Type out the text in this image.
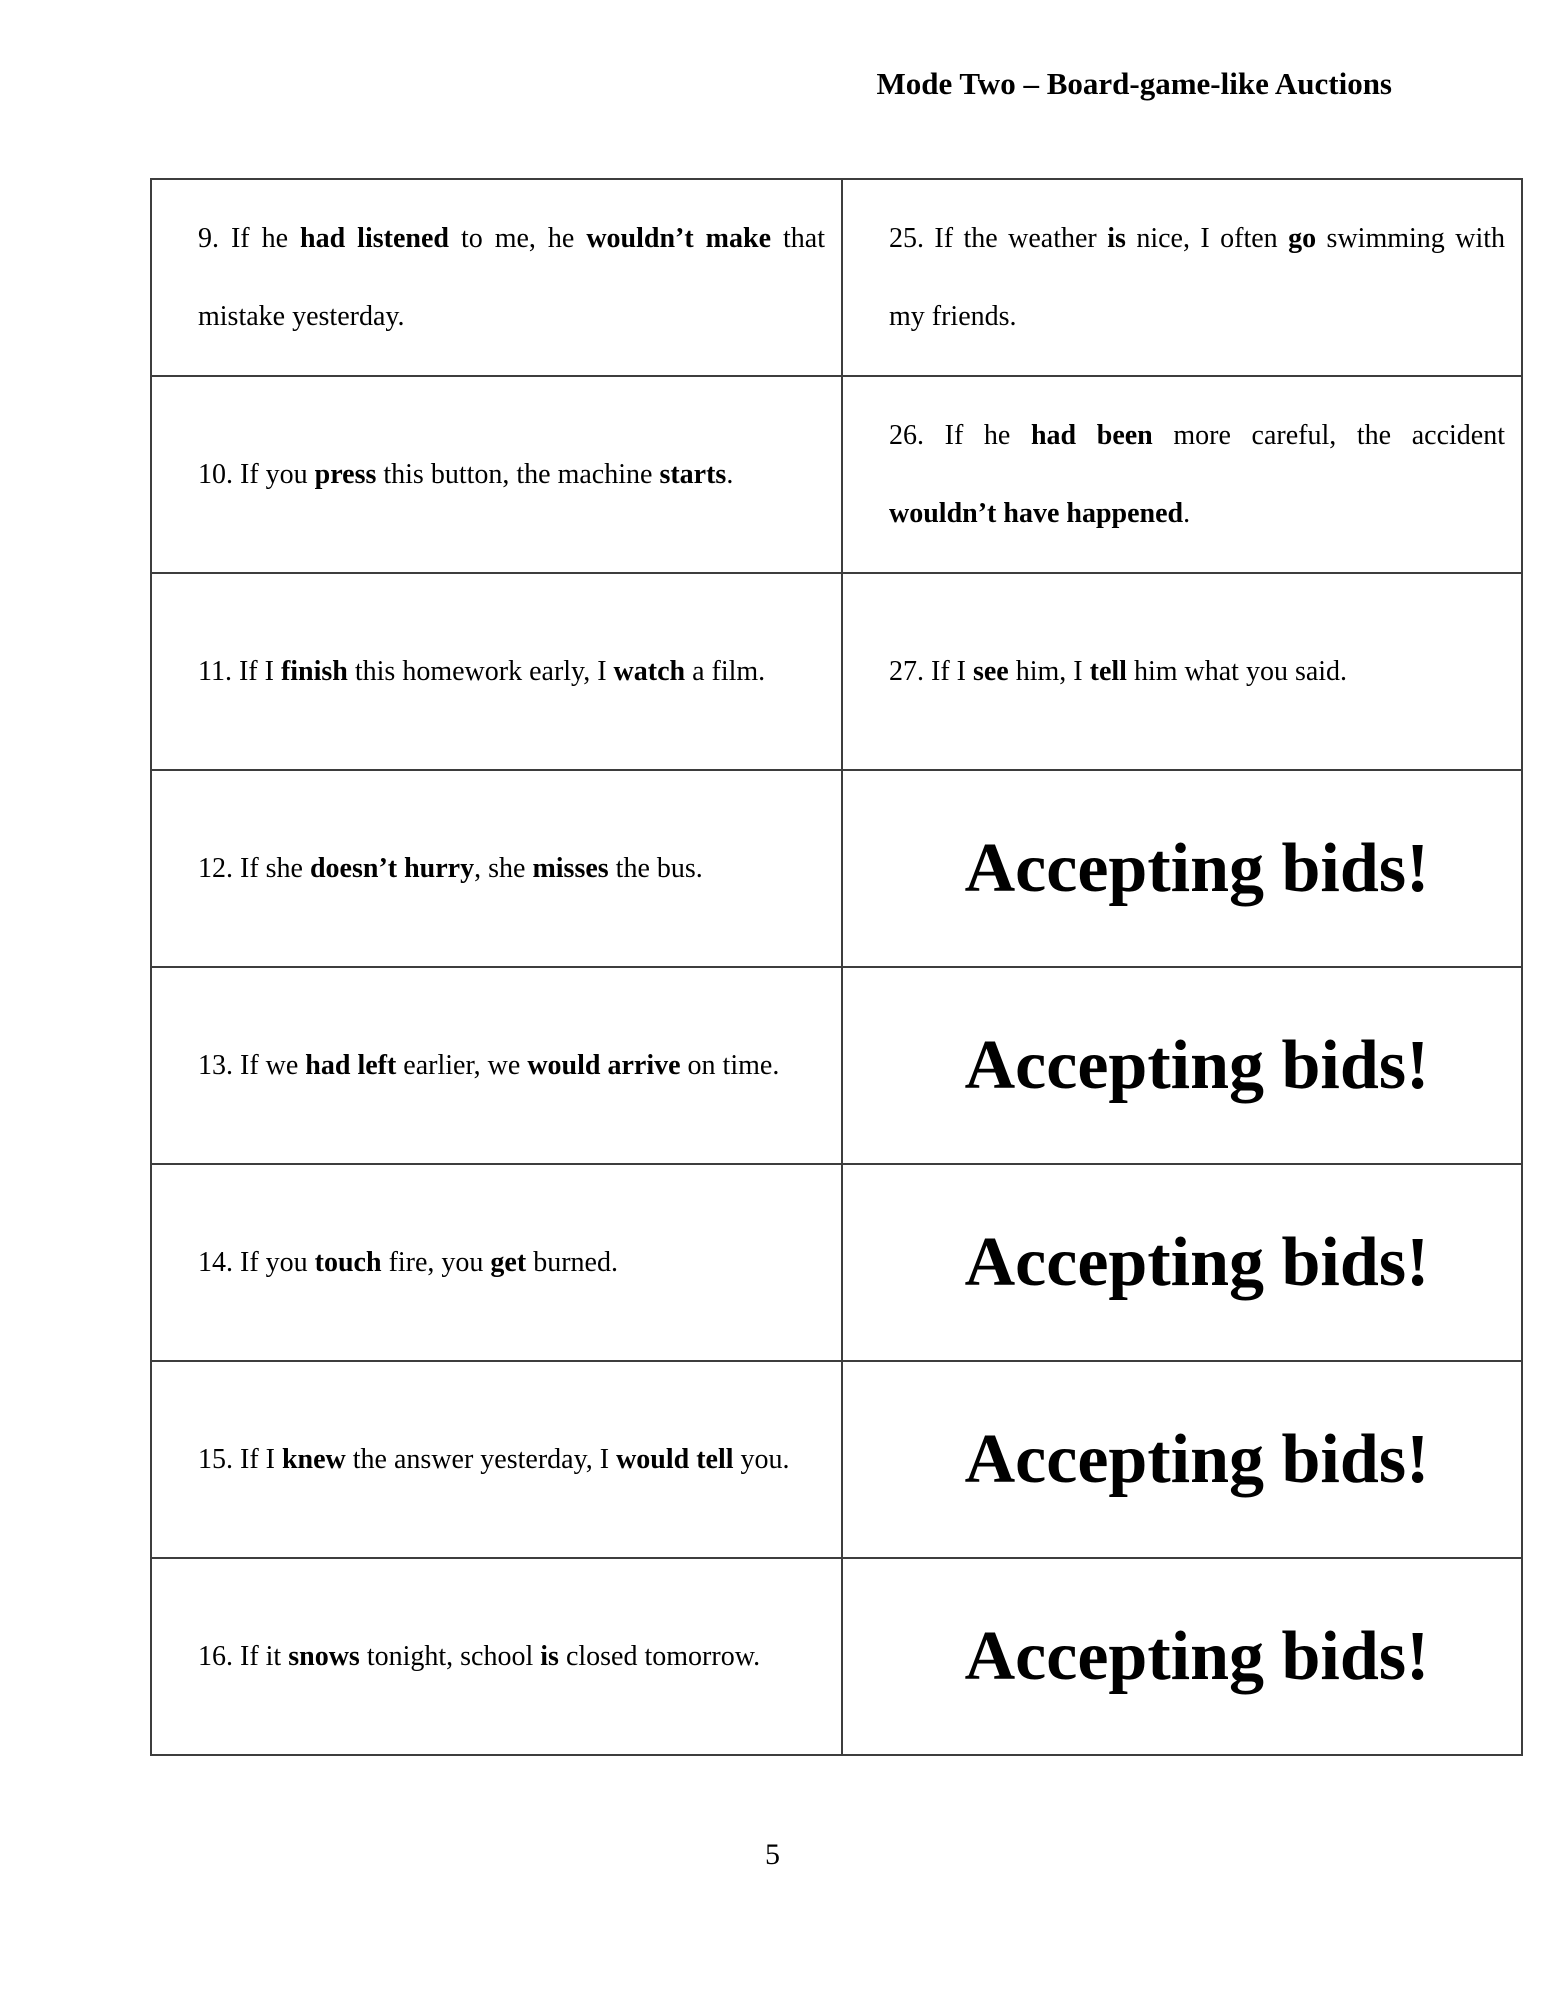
Mode Two – Board-game-like Auctions
9. If he had listened to me, he wouldn’t make that mistake yesterday.	25. If the weather is nice, I often go swimming with my friends.

10. If you press this button, the machine starts.	26. If he had been more careful, the accident wouldn’t have happened.

11. If I finish this homework early, I watch a film.	27. If I see him, I tell him what you said.

12. If she doesn’t hurry, she misses the bus.	Accepting bids!

13. If we had left earlier, we would arrive on time.	Accepting bids!

14. If you touch fire, you get burned.	Accepting bids!

15. If I knew the answer yesterday, I would tell you.	Accepting bids!

16. If it snows tonight, school is closed tomorrow.	Accepting bids!
5
